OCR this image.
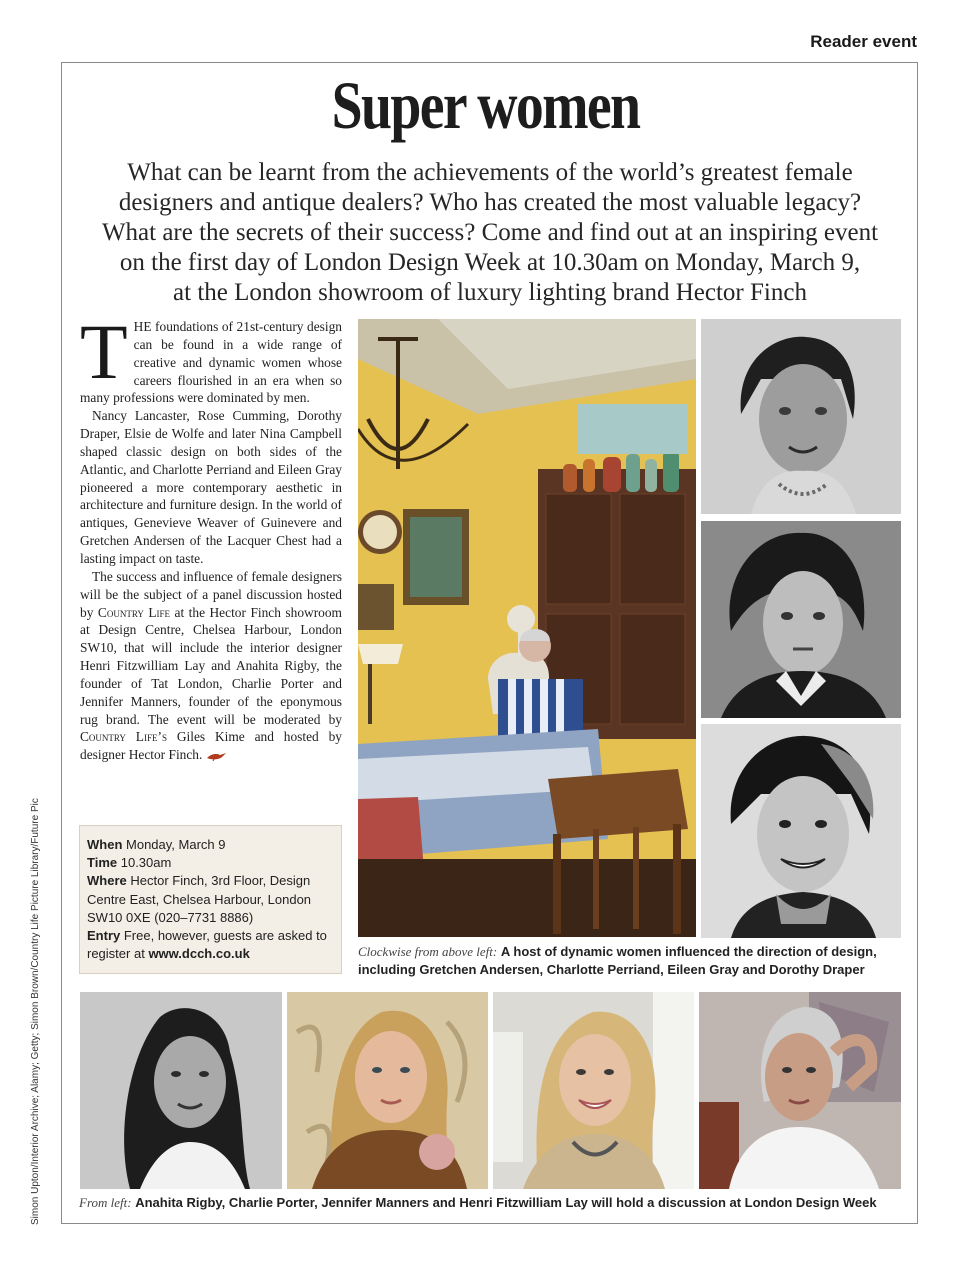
Reader event
Super women
What can be learnt from the achievements of the world’s greatest female
designers and antique dealers? Who has created the most valuable legacy?
What are the secrets of their success? Come and find out at an inspiring event
on the first day of London Design Week at 10.30am on Monday, March 9,
at the London showroom of luxury lighting brand Hector Finch

THE foundations of 21st-century design can be found in a wide range of creative and dynamic women whose careers flourished in an era when so many professions were dominated by men.

Nancy Lancaster, Rose Cumming, Dorothy Draper, Elsie de Wolfe and later Nina Campbell shaped classic design on both sides of the Atlantic, and Charlotte Perriand and Eileen Gray pioneered a more contemporary aesthetic in architecture and furniture design. In the world of antiques, Genevieve Weaver of Guinevere and Gretchen Andersen of the Lacquer Chest had a lasting impact on taste.

The success and influence of female designers will be the subject of a panel discussion hosted by Country Life at the Hector Finch showroom at Design Centre, Chelsea Harbour, London SW10, that will include the interior designer Henri Fitzwilliam Lay and Anahita Rigby, the founder of Tat London, Charlie Porter and Jennifer Manners, founder of the eponymous rug brand. The event will be moderated by Country Life’s Giles Kime and hosted by designer Hector Finch.

When Monday, March 9
Time 10.30am
Where Hector Finch, 3rd Floor, Design Centre East, Chelsea Harbour, London SW10 0XE (020–7731 8886)
Entry Free, however, guests are asked to register at www.dcch.co.uk	Clockwise from above left: A host of dynamic women influenced the direction of design, including Gretchen Andersen, Charlotte Perriand, Eileen Gray and Dorothy Draper
From left: Anahita Rigby, Charlie Porter, Jennifer Manners and Henri Fitzwilliam Lay will hold a discussion at London Design Week
Simon Upton/Interior Archive; Alamy; Getty; Simon Brown/Country Life Picture Library/Future Pic
